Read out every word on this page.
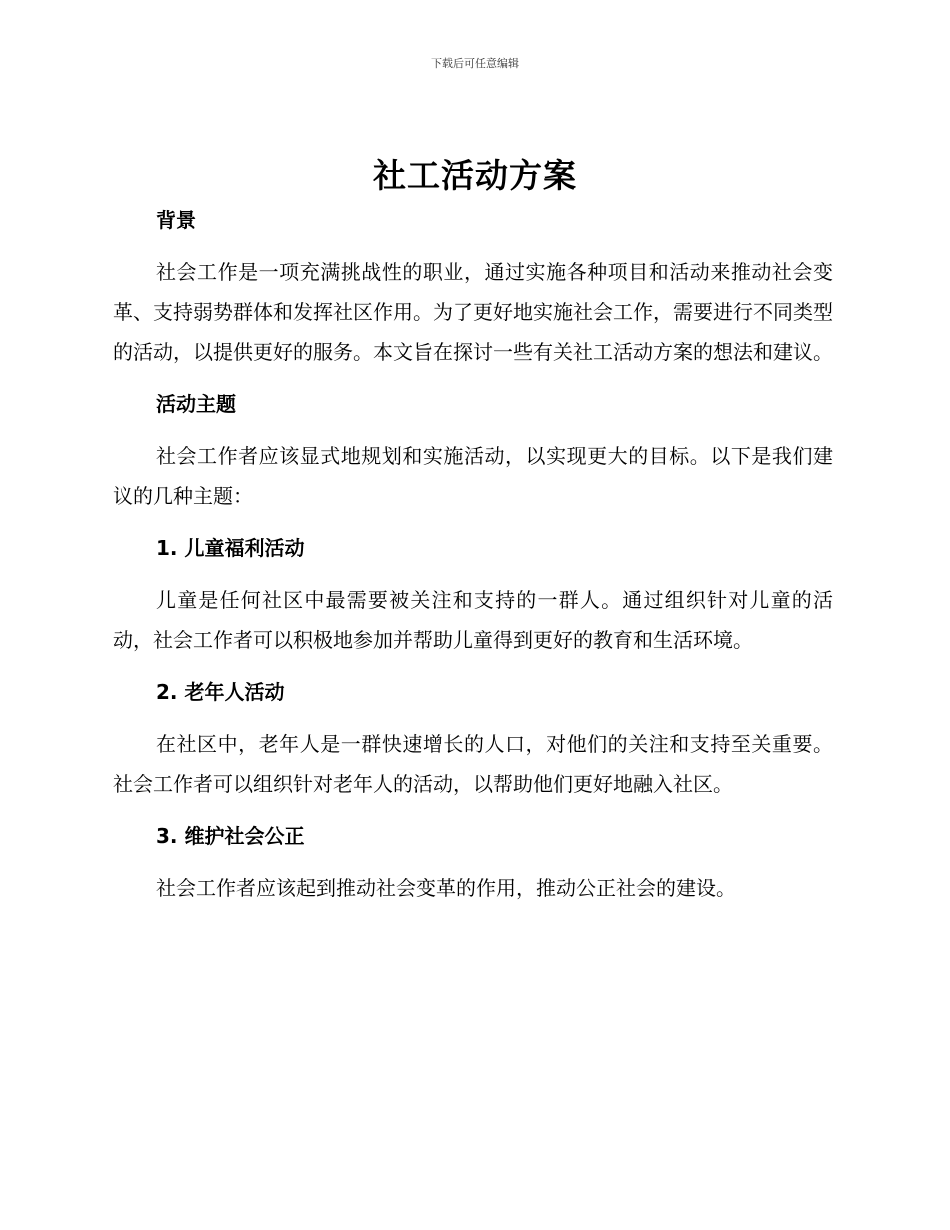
下载后可任意编辑
社工活动方案
背景

社会工作是一项充满挑战性的职业，通过实施各种项目和活动来推动社会变革、支持弱势群体和发挥社区作用。为了更好地实施社会工作，需要进行不同类型的活动，以提供更好的服务。本文旨在探讨一些有关社工活动方案的想法和建议。

活动主题

社会工作者应该显式地规划和实施活动，以实现更大的目标。以下是我们建议的几种主题：

1. 儿童福利活动

儿童是任何社区中最需要被关注和支持的一群人。通过组织针对儿童的活动，社会工作者可以积极地参加并帮助儿童得到更好的教育和生活环境。

2. 老年人活动

在社区中，老年人是一群快速增长的人口，对他们的关注和支持至关重要。社会工作者可以组织针对老年人的活动，以帮助他们更好地融入社区。

3. 维护社会公正

社会工作者应该起到推动社会变革的作用，推动公正社会的建设。
